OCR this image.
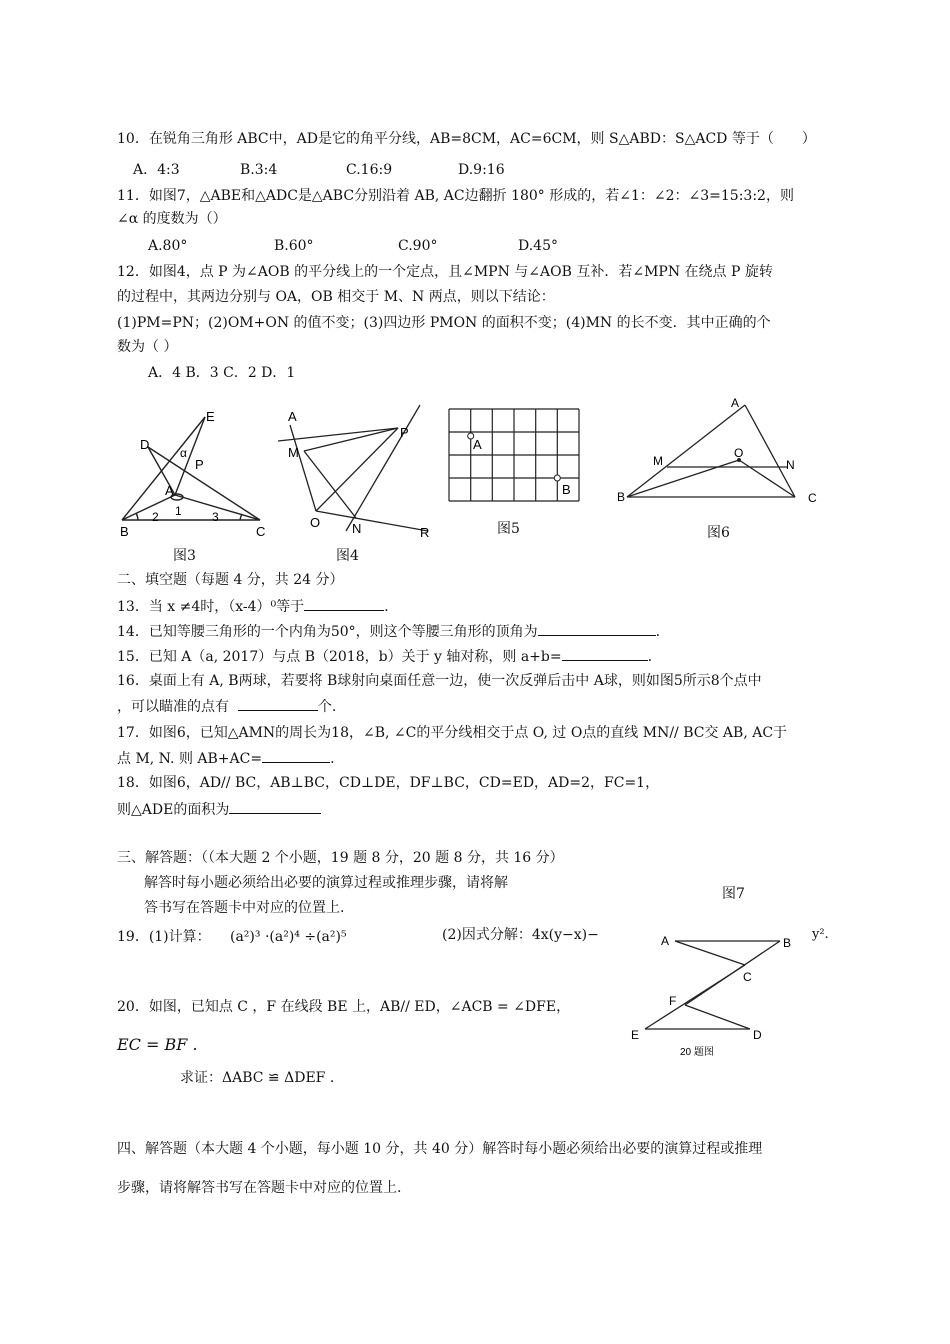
10．在锐角三角形 ABC中，AD是它的角平分线，AB=8CM，AC=6CM，则 S△ABD：S△ACD 等于（　　）
A．4:3	B.3:4	C.16:9	D.9:16
11．如图7，△ABE和△ADC是△ABC分别沿着 AB, AC边翻折 180° 形成的，若∠1：∠2：∠3=15:3:2，则
∠α 的度数为（）
A.80°	B.60°	C.90°	D.45°
12．如图4，点 P 为∠AOB 的平分线上的一个定点，且∠MPN 与∠AOB 互补．若∠MPN 在绕点 P 旋转
的过程中，其两边分别与 OA，OB 相交于 M、N 两点，则以下结论：
(1)PM=PN；(2)OM+ON 的值不变；(3)四边形 PMON 的面积不变；(4)MN 的长不变．其中正确的个
数为（ ）
A．4 B．3 C．2 D．1
E
D
α
P
A
B	C
1
2	3
图3
A
M
P
O N	R
图4
A
B
图5
A
M
O
N
B	C
图6
二、填空题（每题 4 分，共 24 分）
13．当 x ≠4时，（x-4）⁰等于	.
14．已知等腰三角形的一个内角为50°，则这个等腰三角形的顶角为	.
15．已知 A（a, 2017）与点 B（2018，b）关于 y 轴对称，则 a+b=	.
16．桌面上有 A, B两球，若要将 B球射向桌面任意一边，使一次反弹后击中 A球，则如图5所示8个点中
，可以瞄准的点有	个.
17．如图6，已知△AMN的周长为18，∠B, ∠C的平分线相交于点 O, 过 O点的直线 MN// BC交 AB, AC于
点 M, N. 则 AB+AC=	.
18．如图6，AD// BC，AB⊥BC，CD⊥DE，DF⊥BC，CD=ED，AD=2，FC=1，
则△ADE的面积为
三、解答题：（（本大题 2 个小题，19 题 8 分，20 题 8 分，共 16 分）
解答时每小题必须给出必要的演算过程或推理步骤，请将解
答书写在答题卡中对应的位置上.
图7
19．(1)计算： (a²)³ ·(a²)⁴ ÷(a²)⁵	(2)因式分解：4x(y−x)−	y².
A	B
C
F
E	D
20 题图
20．如图，已知点 C ，F 在线段 BE 上，AB// ED，∠ACB = ∠DFE，
EC = BF .
求证：ΔABC ≌ ΔDEF .
四、解答题（本大题 4 个小题，每小题 10 分，共 40 分）解答时每小题必须给出必要的演算过程或推理
步骤，请将解答书写在答题卡中对应的位置上.
